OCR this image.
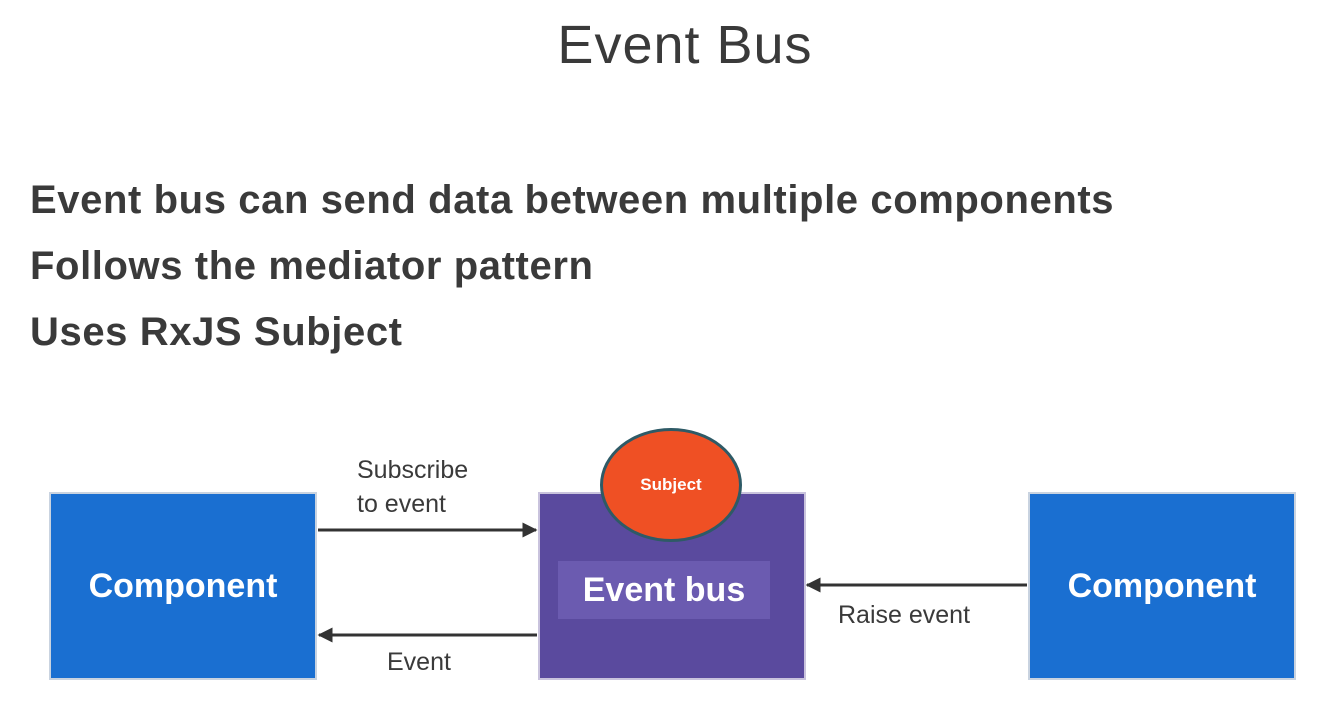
Event Bus
Event bus can send data between multiple components
Follows the mediator pattern
Uses RxJS Subject
Component	Event bus
Subject
Component
Subscribe
to event
Event
Raise event
